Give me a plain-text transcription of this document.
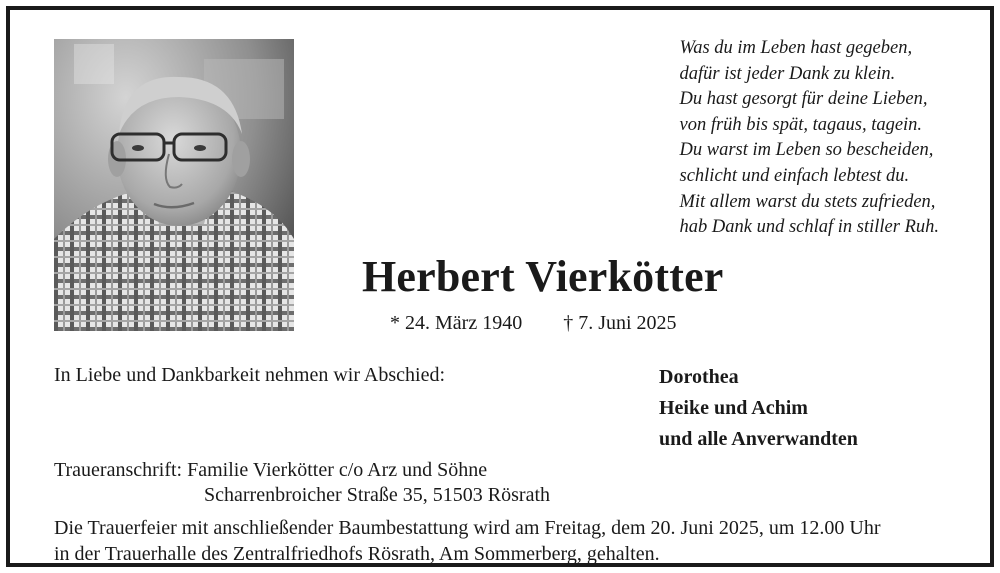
Was du im Leben hast gegeben,
dafür ist jeder Dank zu klein.
Du hast gesorgt für deine Lieben,
von früh bis spät, tagaus, tagein.
Du warst im Leben so bescheiden,
schlicht und einfach lebtest du.
Mit allem warst du stets zufrieden,
hab Dank und schlaf in stiller Ruh.
Herbert Vierkötter
* 24. März 1940 † 7. Juni 2025
In Liebe und Dankbarkeit nehmen wir Abschied:	Dorothea
Heike und Achim
und alle Anverwandten
Traueranschrift: Familie Vierkötter c/o Arz und Söhne
Scharrenbroicher Straße 35, 51503 Rösrath
Die Trauerfeier mit anschließender Baumbestattung wird am Freitag, dem 20. Juni 2025, um 12.00 Uhr
in der Trauerhalle des Zentralfriedhofs Rösrath, Am Sommerberg, gehalten.
